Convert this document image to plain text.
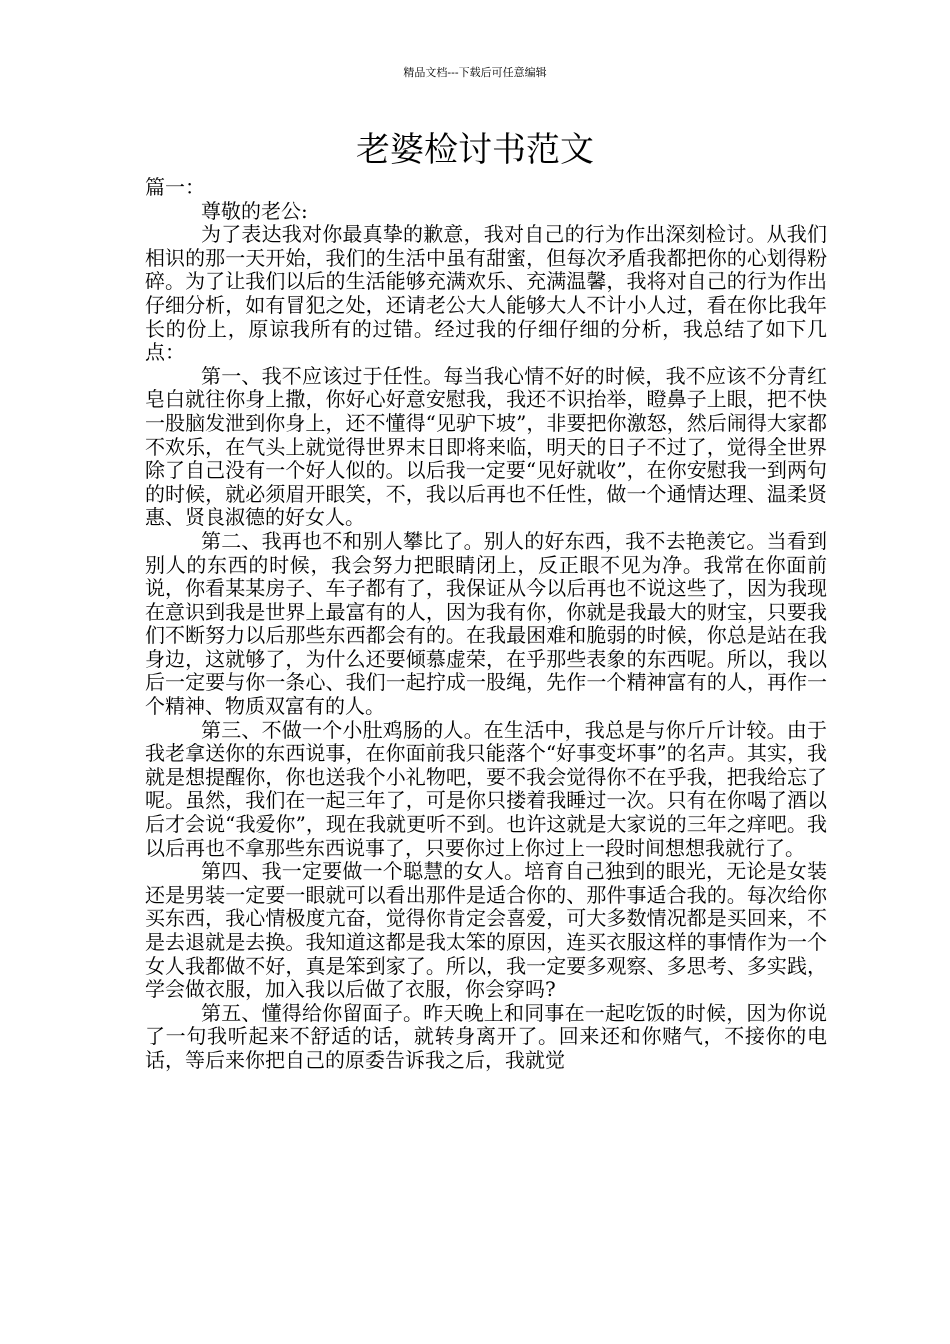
精品文档---下载后可任意编辑
老婆检讨书范文
篇一：
尊敬的老公:

为了表达我对你最真挚的歉意，我对自己的行为作出深刻检讨。从我们相识的那一天开始，我们的生活中虽有甜蜜，但每次矛盾我都把你的心划得粉碎。为了让我们以后的生活能够充满欢乐、充满温馨，我将对自己的行为作出仔细分析，如有冒犯之处，还请老公大人能够大人不计小人过，看在你比我年长的份上，原谅我所有的过错。经过我的仔细仔细的分析，我总结了如下几点：

第一、我不应该过于任性。每当我心情不好的时候，我不应该不分青红皂白就往你身上撒，你好心好意安慰我，我还不识抬举，瞪鼻子上眼，把不快一股脑发泄到你身上，还不懂得“见驴下坡”，非要把你激怒，然后闹得大家都不欢乐，在气头上就觉得世界末日即将来临，明天的日子不过了，觉得全世界除了自己没有一个好人似的。以后我一定要“见好就收”，在你安慰我一到两句的时候，就必须眉开眼笑，不，我以后再也不任性，做一个通情达理、温柔贤惠、贤良淑德的好女人。

第二、我再也不和别人攀比了。别人的好东西，我不去艳羡它。当看到别人的东西的时候，我会努力把眼睛闭上，反正眼不见为净。我常在你面前说，你看某某房子、车子都有了，我保证从今以后再也不说这些了，因为我现在意识到我是世界上最富有的人，因为我有你，你就是我最大的财宝，只要我们不断努力以后那些东西都会有的。在我最困难和脆弱的时候，你总是站在我身边，这就够了，为什么还要倾慕虚荣，在乎那些表象的东西呢。所以，我以后一定要与你一条心、我们一起拧成一股绳，先作一个精神富有的人，再作一个精神、物质双富有的人。

第三、不做一个小肚鸡肠的人。在生活中，我总是与你斤斤计较。由于我老拿送你的东西说事，在你面前我只能落个“好事变坏事”的名声。其实，我就是想提醒你，你也送我个小礼物吧，要不我会觉得你不在乎我，把我给忘了呢。虽然，我们在一起三年了，可是你只搂着我睡过一次。只有在你喝了酒以后才会说“我爱你”，现在我就更听不到。也许这就是大家说的三年之痒吧。我以后再也不拿那些东西说事了，只要你过上你过上一段时间想想我就行了。

第四、我一定要做一个聪慧的女人。培育自己独到的眼光，无论是女装还是男装一定要一眼就可以看出那件是适合你的、那件事适合我的。每次给你买东西，我心情极度亢奋，觉得你肯定会喜爱，可大多数情况都是买回来，不是去退就是去换。我知道这都是我太笨的原因，连买衣服这样的事情作为一个女人我都做不好，真是笨到家了。所以，我一定要多观察、多思考、多实践，学会做衣服，加入我以后做了衣服，你会穿吗?

第五、懂得给你留面子。昨天晚上和同事在一起吃饭的时候，因为你说了一句我听起来不舒适的话，就转身离开了。回来还和你赌气，不接你的电话，等后来你把自己的原委告诉我之后，我就觉
